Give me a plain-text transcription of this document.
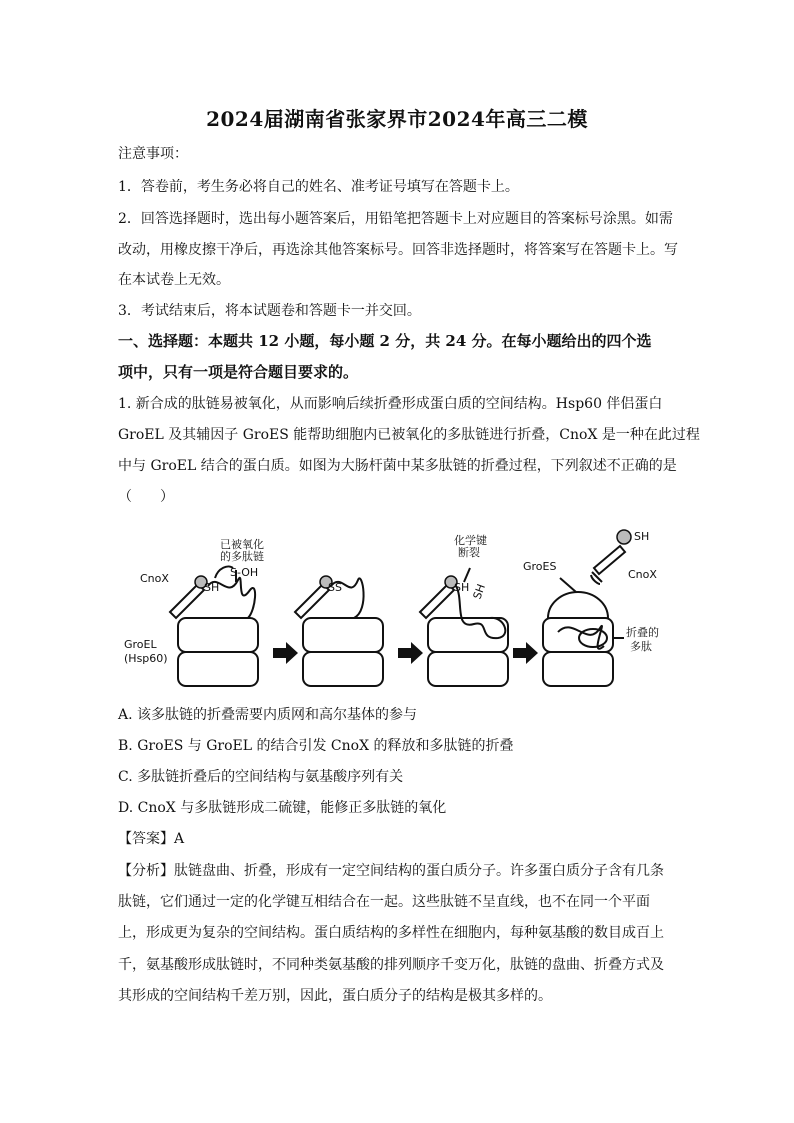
2024届湖南省张家界市2024年高三二模
注意事项：
1．答卷前，考生务必将自己的姓名、准考证号填写在答题卡上。
2．回答选择题时，选出每小题答案后，用铅笔把答题卡上对应题目的答案标号涂黑。如需
改动，用橡皮擦干净后，再选涂其他答案标号。回答非选择题时，将答案写在答题卡上。写
在本试卷上无效。
3．考试结束后，将本试题卷和答题卡一并交回。
一、选择题：本题共 12 小题，每小题 2 分，共 24 分。在每小题给出的四个选
项中，只有一项是符合题目要求的。
1. 新合成的肽链易被氧化，从而影响后续折叠形成蛋白质的空间结构。Hsp60 伴侣蛋白
GroEL 及其辅因子 GroES 能帮助细胞内已被氧化的多肽链进行折叠，CnoX 是一种在此过程
中与 GroEL 结合的蛋白质。如图为大肠杆菌中某多肽链的折叠过程，下列叙述不正确的是
（　　）
已被氧化
的多肽链
S-OH
SH
CnoX
GroEL
(Hsp60)
SS
化学键
断裂
SH SH
GroES
SH
CnoX
折叠的
多肽
A. 该多肽链的折叠需要内质网和高尔基体的参与
B. GroES 与 GroEL 的结合引发 CnoX 的释放和多肽链的折叠
C. 多肽链折叠后的空间结构与氨基酸序列有关
D. CnoX 与多肽链形成二硫键，能修正多肽链的氧化
【答案】A
【分析】肽链盘曲、折叠，形成有一定空间结构的蛋白质分子。许多蛋白质分子含有几条
肽链，它们通过一定的化学键互相结合在一起。这些肽链不呈直线，也不在同一个平面
上，形成更为复杂的空间结构。蛋白质结构的多样性在细胞内，每种氨基酸的数目成百上
千，氨基酸形成肽链时，不同种类氨基酸的排列顺序千变万化，肽链的盘曲、折叠方式及
其形成的空间结构千差万别，因此，蛋白质分子的结构是极其多样的。
